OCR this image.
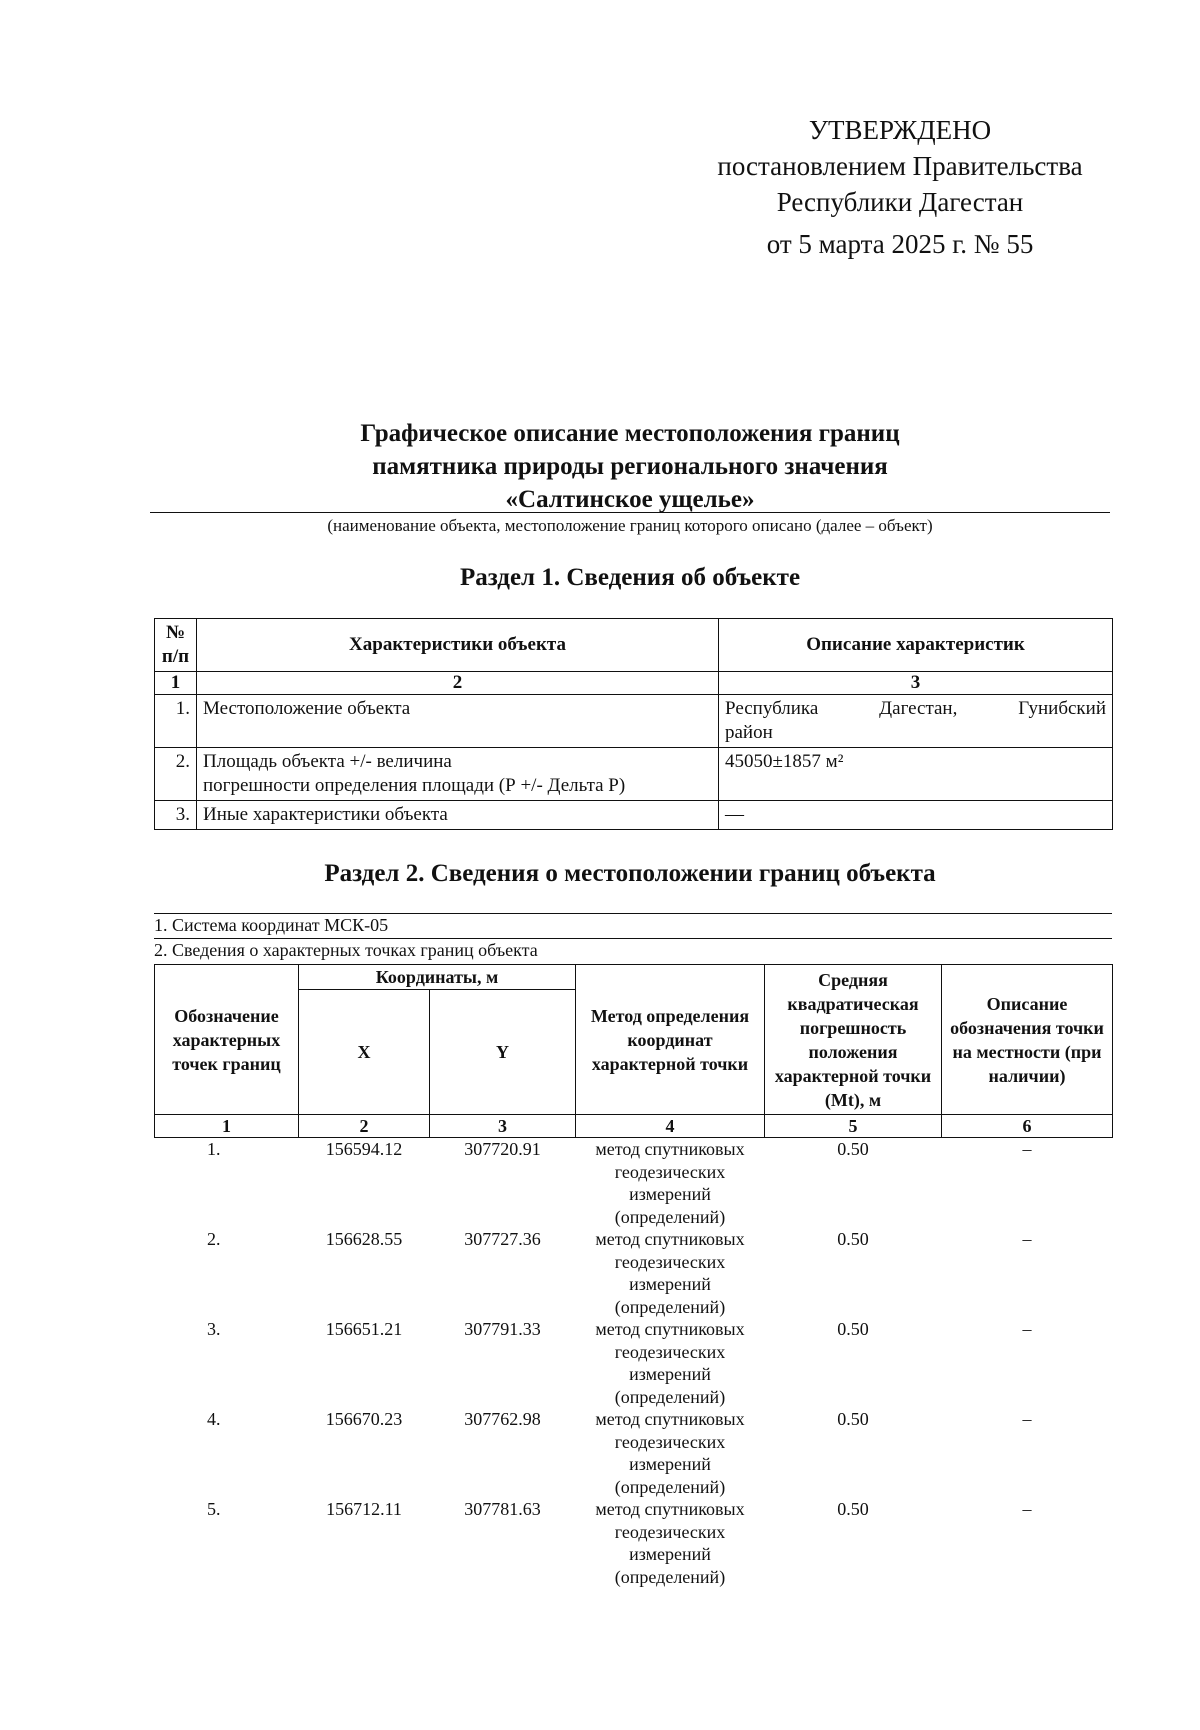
УТВЕРЖДЕНО
постановлением Правительства
Республики Дагестан
от 5 марта 2025 г. № 55
Графическое описание местоположения границ
памятника природы регионального значения
«Салтинское ущелье»
(наименование объекта, местоположение границ которого описано (далее – объект)
Раздел 1. Сведения об объекте
№ п/п	Характеристики объекта	Описание характеристик
1	2	3
1.	Местоположение объекта	Республика Дагестан, Гунибский
район

2.	Площадь объекта +/- величина
погрешности определения площади (Р +/- Дельта Р)	45050±1857 м²
3.	Иные характеристики объекта	—
Раздел 2. Сведения о местоположении границ объекта
1. Система координат МСК-05
2. Сведения о характерных точках границ объекта
Обозначение характерных точек границ	Координаты, м		Метод определения координат характерной точки	Средняя квадратическая погрешность положения характерной точки (Mt), м	Описание обозначения точки на местности (при наличии)
	X	Y			
1	2	3	4	5	6
1.	156594.12	307720.91	метод спутниковых геодезических измерений (определений)	0.50	–
2.	156628.55	307727.36	метод спутниковых геодезических измерений (определений)	0.50	–
3.	156651.21	307791.33	метод спутниковых геодезических измерений (определений)	0.50	–
4.	156670.23	307762.98	метод спутниковых геодезических измерений (определений)	0.50	–
5.	156712.11	307781.63	метод спутниковых геодезических измерений (определений)	0.50	–
